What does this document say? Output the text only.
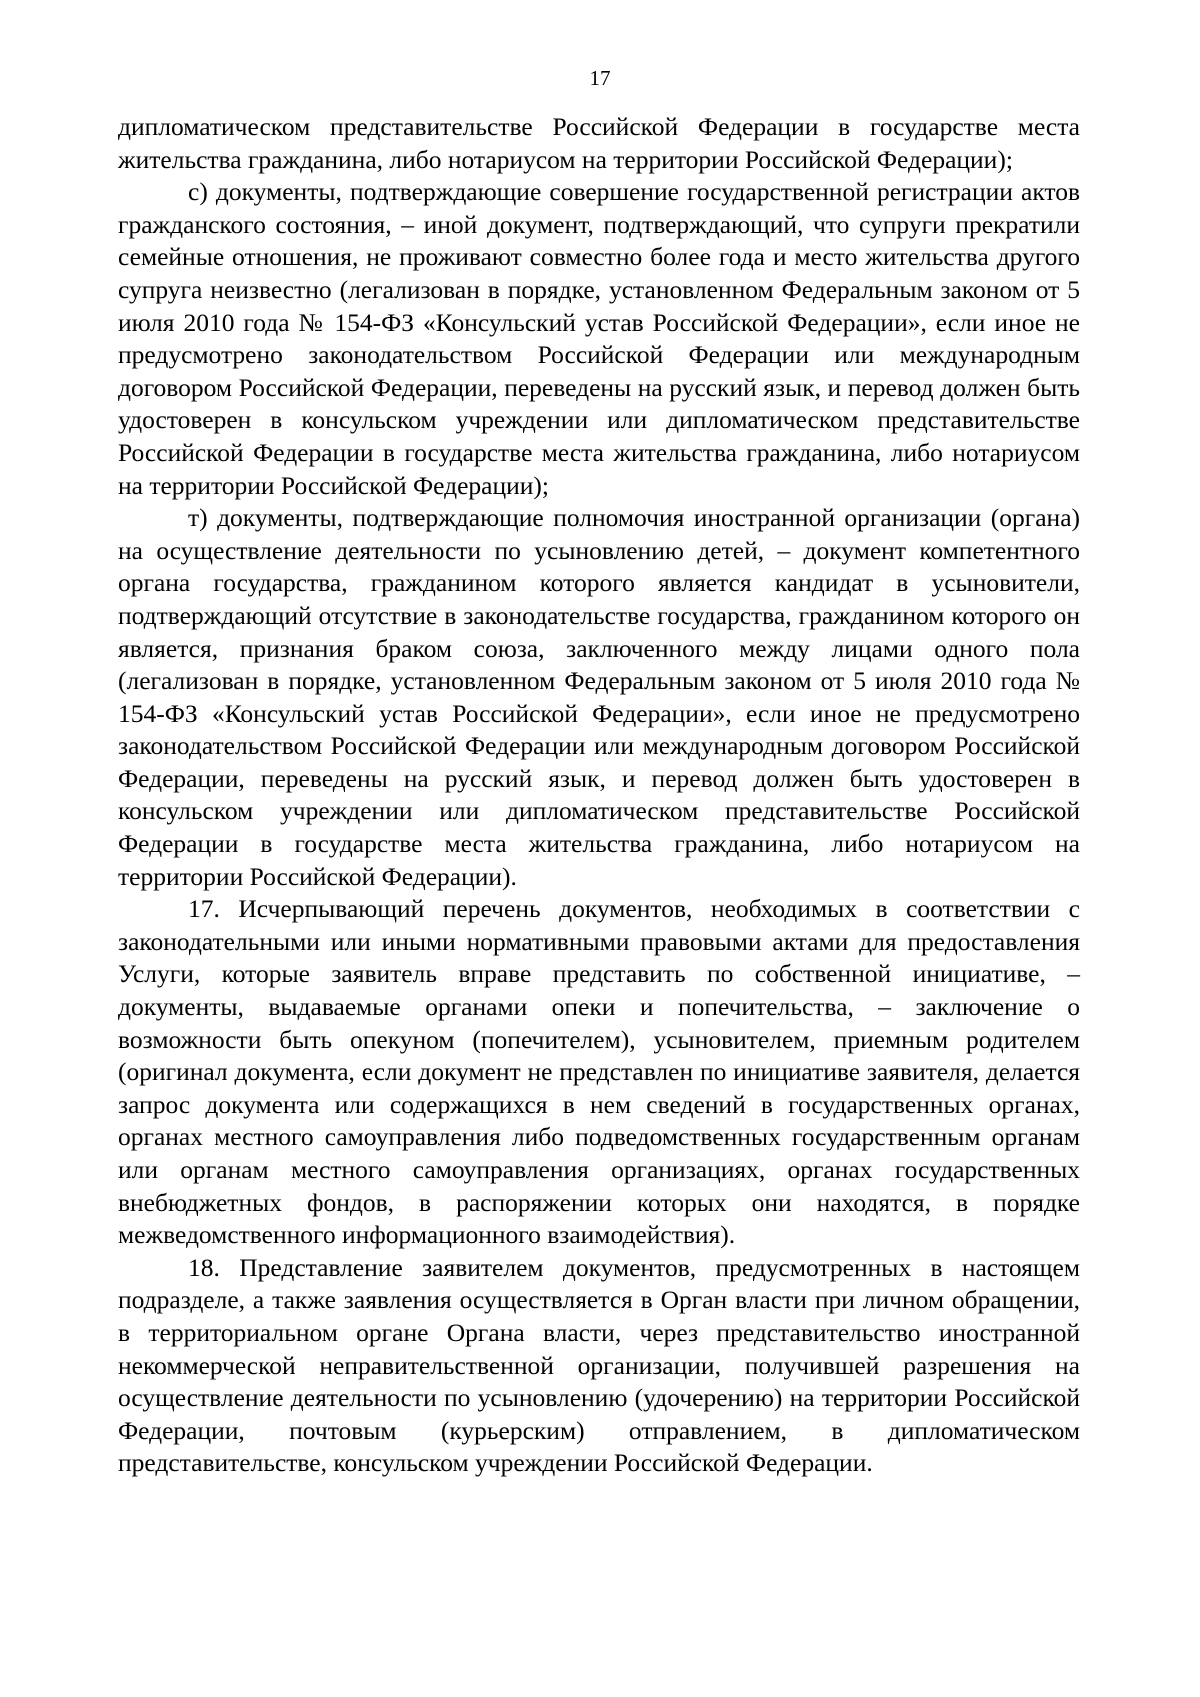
17

дипломатическом представительстве Российской Федерации в государстве места жительства гражданина, либо нотариусом на территории Российской Федерации);

с) документы, подтверждающие совершение государственной регистрации актов гражданского состояния, – иной документ, подтверждающий, что супруги прекратили семейные отношения, не проживают совместно более года и место жительства другого супруга неизвестно (легализован в порядке, установленном Федеральным законом от 5 июля 2010 года № 154-ФЗ «Консульский устав Российской Федерации», если иное не предусмотрено законодательством Российской Федерации или международным договором Российской Федерации, переведены на русский язык, и перевод должен быть удостоверен в консульском учреждении или дипломатическом представительстве Российской Федерации в государстве места жительства гражданина, либо нотариусом на территории Российской Федерации);

т) документы, подтверждающие полномочия иностранной организации (органа) на осуществление деятельности по усыновлению детей, – документ компетентного органа государства, гражданином которого является кандидат в усыновители, подтверждающий отсутствие в законодательстве государства, гражданином которого он является, признания браком союза, заключенного между лицами одного пола (легализован в порядке, установленном Федеральным законом от 5 июля 2010 года № 154-ФЗ «Консульский устав Российской Федерации», если иное не предусмотрено законодательством Российской Федерации или международным договором Российской Федерации, переведены на русский язык, и перевод должен быть удостоверен в консульском учреждении или дипломатическом представительстве Российской Федерации в государстве места жительства гражданина, либо нотариусом на территории Российской Федерации).

17. Исчерпывающий перечень документов, необходимых в соответствии с законодательными или иными нормативными правовыми актами для предоставления Услуги, которые заявитель вправе представить по собственной инициативе, – документы, выдаваемые органами опеки и попечительства, – заключение о возможности быть опекуном (попечителем), усыновителем, приемным родителем (оригинал документа, если документ не представлен по инициативе заявителя, делается запрос документа или содержащихся в нем сведений в государственных органах, органах местного самоуправления либо подведомственных государственным органам или органам местного самоуправления организациях, органах государственных внебюджетных фондов, в распоряжении которых они находятся, в порядке межведомственного информационного взаимодействия).

18. Представление заявителем документов, предусмотренных в настоящем подразделе, а также заявления осуществляется в Орган власти при личном обращении, в территориальном органе Органа власти, через представительство иностранной некоммерческой неправительственной организации, получившей разрешения на осуществление деятельности по усыновлению (удочерению) на территории Российской Федерации, почтовым (курьерским) отправлением, в дипломатическом представительстве, консульском учреждении Российской Федерации.
